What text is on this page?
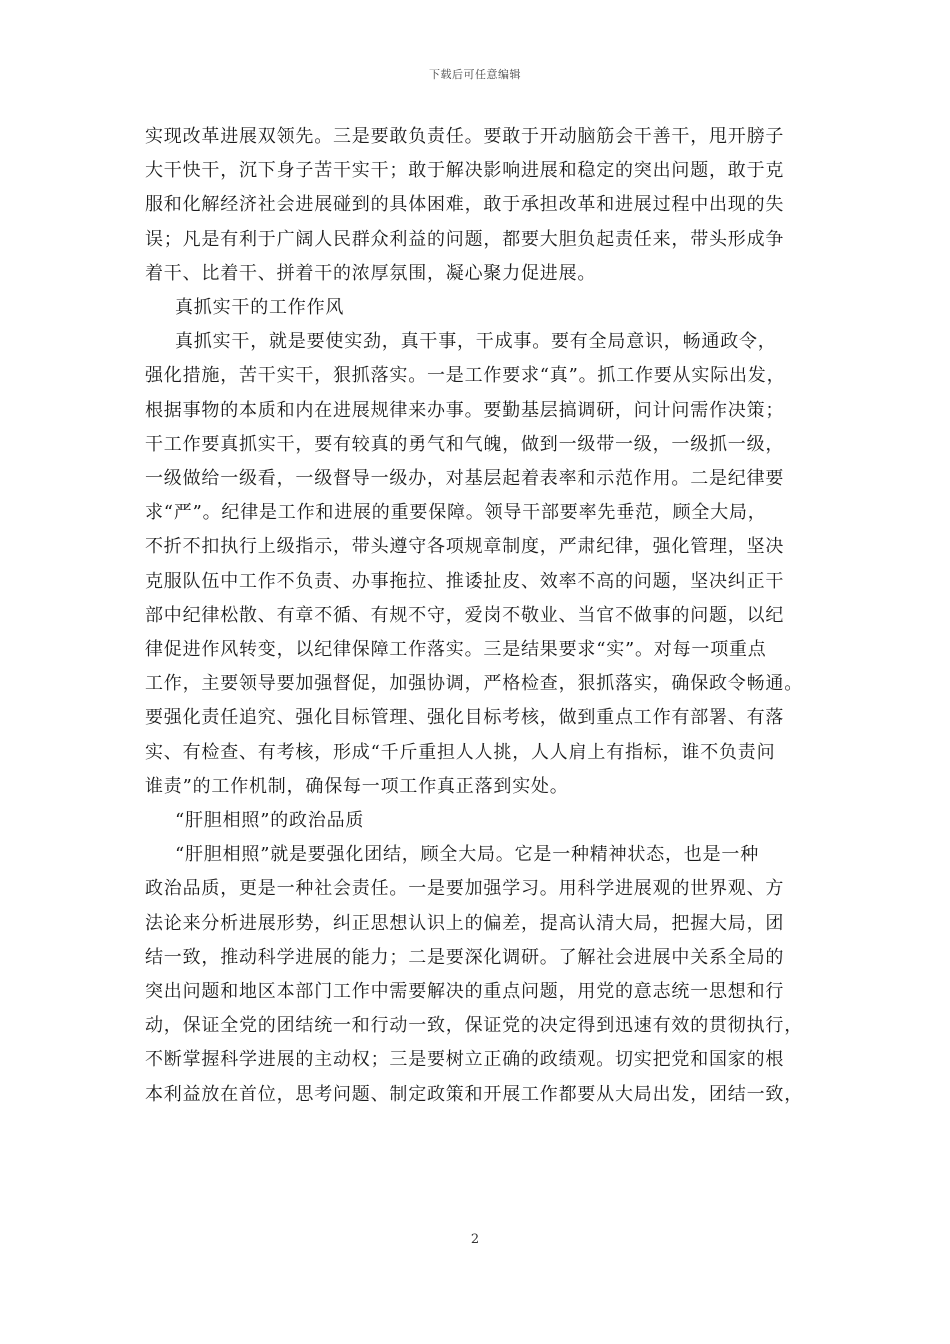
下载后可任意编辑

实现改革进展双领先。三是要敢负责任。要敢于开动脑筋会干善干，甩开膀子
大干快干，沉下身子苦干实干；敢于解决影响进展和稳定的突出问题，敢于克
服和化解经济社会进展碰到的具体困难，敢于承担改革和进展过程中出现的失
误；凡是有利于广阔人民群众利益的问题，都要大胆负起责任来，带头形成争
着干、比着干、拼着干的浓厚氛围，凝心聚力促进展。

真抓实干的工作作风

真抓实干，就是要使实劲，真干事，干成事。要有全局意识，畅通政令，
强化措施，苦干实干，狠抓落实。一是工作要求“真”。抓工作要从实际出发，
根据事物的本质和内在进展规律来办事。要勤基层搞调研，问计问需作决策；
干工作要真抓实干，要有较真的勇气和气魄，做到一级带一级，一级抓一级，
一级做给一级看，一级督导一级办，对基层起着表率和示范作用。二是纪律要
求“严”。纪律是工作和进展的重要保障。领导干部要率先垂范，顾全大局，
不折不扣执行上级指示，带头遵守各项规章制度，严肃纪律，强化管理，坚决
克服队伍中工作不负责、办事拖拉、推诿扯皮、效率不高的问题，坚决纠正干
部中纪律松散、有章不循、有规不守，爱岗不敬业、当官不做事的问题，以纪
律促进作风转变，以纪律保障工作落实。三是结果要求“实”。对每一项重点
工作，主要领导要加强督促，加强协调，严格检查，狠抓落实，确保政令畅通。
要强化责任追究、强化目标管理、强化目标考核，做到重点工作有部署、有落
实、有检查、有考核，形成“千斤重担人人挑，人人肩上有指标，谁不负责问
谁责”的工作机制，确保每一项工作真正落到实处。

“肝胆相照”的政治品质

“肝胆相照”就是要强化团结，顾全大局。它是一种精神状态，也是一种
政治品质，更是一种社会责任。一是要加强学习。用科学进展观的世界观、方
法论来分析进展形势，纠正思想认识上的偏差，提高认清大局，把握大局，团
结一致，推动科学进展的能力；二是要深化调研。了解社会进展中关系全局的
突出问题和地区本部门工作中需要解决的重点问题，用党的意志统一思想和行
动，保证全党的团结统一和行动一致，保证党的决定得到迅速有效的贯彻执行，
不断掌握科学进展的主动权；三是要树立正确的政绩观。切实把党和国家的根
本利益放在首位，思考问题、制定政策和开展工作都要从大局出发，团结一致，

2
